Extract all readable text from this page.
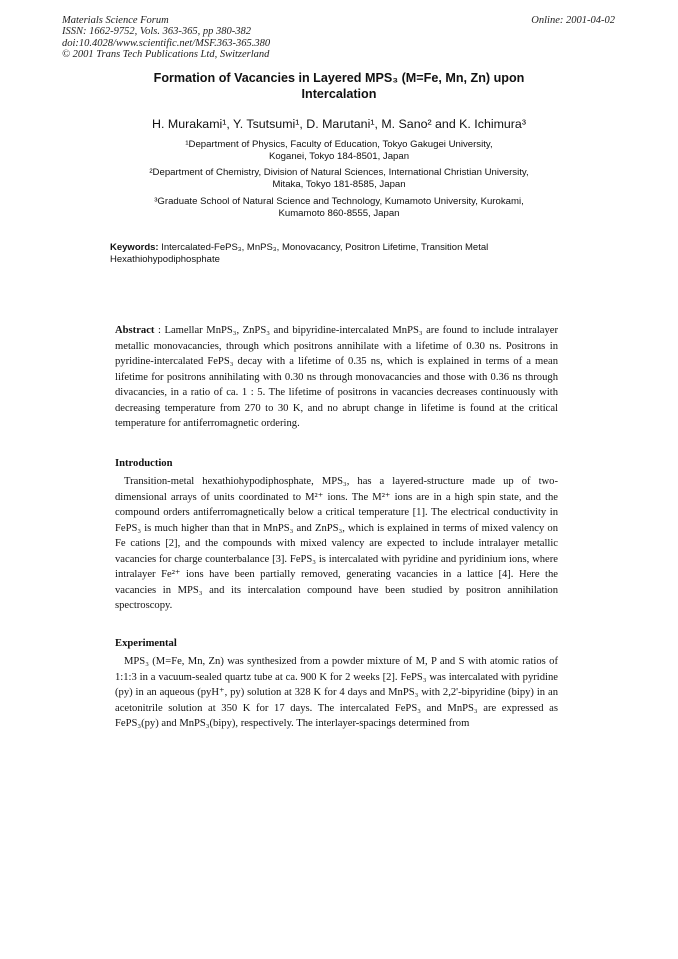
Materials Science Forum
ISSN: 1662-9752, Vols. 363-365, pp 380-382
doi:10.4028/www.scientific.net/MSF.363-365.380
© 2001 Trans Tech Publications Ltd, Switzerland
Online: 2001-04-02
Formation of Vacancies in Layered MPS₃ (M=Fe, Mn, Zn) upon
Intercalation
H. Murakami¹, Y. Tsutsumi¹, D. Marutani¹, M. Sano² and K. Ichimura³
¹Department of Physics, Faculty of Education, Tokyo Gakugei University,
Koganei, Tokyo 184-8501, Japan
²Department of Chemistry, Division of Natural Sciences, International Christian University,
Mitaka, Tokyo 181-8585, Japan
³Graduate School of Natural Science and Technology, Kumamoto University, Kurokami,
Kumamoto 860-8555, Japan
Keywords: Intercalated-FePS₃, MnPS₃, Monovacancy, Positron Lifetime, Transition Metal Hexathiohypodiphosphate
Abstract : Lamellar MnPS₃, ZnPS₃ and bipyridine-intercalated MnPS₃ are found to include intralayer metallic monovacancies, through which positrons annihilate with a lifetime of 0.30 ns. Positrons in pyridine-intercalated FePS₃ decay with a lifetime of 0.35 ns, which is explained in terms of a mean lifetime for positrons annihilating with 0.30 ns through monovacancies and those with 0.36 ns through divacancies, in a ratio of ca. 1 : 5. The lifetime of positrons in vacancies decreases continuously with decreasing temperature from 270 to 30 K, and no abrupt change in lifetime is found at the critical temperature for antiferromagnetic ordering.
Introduction
Transition-metal hexathiohypodiphosphate, MPS₃, has a layered-structure made up of two-dimensional arrays of units coordinated to M²⁺ ions. The M²⁺ ions are in a high spin state, and the compound orders antiferromagnetically below a critical temperature [1]. The electrical conductivity in FePS₃ is much higher than that in MnPS₃ and ZnPS₃, which is explained in terms of mixed valency on Fe cations [2], and the compounds with mixed valency are expected to include intralayer metallic vacancies for charge counterbalance [3]. FePS₃ is intercalated with pyridine and pyridinium ions, where intralayer Fe²⁺ ions have been partially removed, generating vacancies in a lattice [4]. Here the vacancies in MPS₃ and its intercalation compound have been studied by positron annihilation spectroscopy.
Experimental
MPS₃ (M=Fe, Mn, Zn) was synthesized from a powder mixture of M, P and S with atomic ratios of 1:1:3 in a vacuum-sealed quartz tube at ca. 900 K for 2 weeks [2]. FePS₃ was intercalated with pyridine (py) in an aqueous (pyH⁺, py) solution at 328 K for 4 days and MnPS₃ with 2,2'-bipyridine (bipy) in an acetonitrile solution at 350 K for 17 days. The intercalated FePS₃ and MnPS₃ are expressed as FePS₃(py) and MnPS₃(bipy), respectively. The interlayer-spacings determined from
